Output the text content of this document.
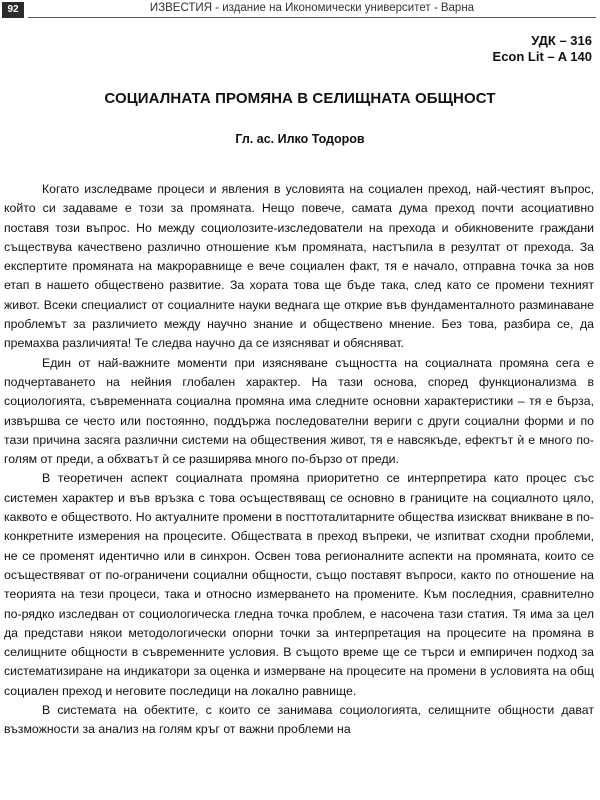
92	ИЗВЕСТИЯ - издание на Икономически университет - Варна
УДК – 316
Econ Lit – A 140
СОЦИАЛНАТА ПРОМЯНА В СЕЛИЩНАТА ОБЩНОСТ
Гл. ас. Илко Тодоров

Когато изследваме процеси и явления в условията на социален преход, най-честият въпрос, който си задаваме е този за промяната. Нещо повече, самата дума преход почти асоциативно поставя този въпрос. Но между социолозите-изследователи на прехода и обикновените граждани съществува качествено различно отношение към промяната, настъпила в резултат от прехода. За експертите промяната на макроравнище е вече социален факт, тя е начало, отправна точка за нов етап в нашето обществено развитие. За хората това ще бъде така, след като се промени техният живот. Всеки специалист от социалните науки веднага ще открие във фундаменталното разминаване проблемът за различието между научно знание и обществено мнение. Без това, разбира се, да премахва различията! Те следва научно да се изясняват и обясняват.

Един от най-важните моменти при изясняване същността на социалната промяна сега е подчертаването на нейния глобален характер. На тази основа, според функционализма в социологията, съвременната социална промяна има следните основни характеристики – тя е бърза, извършва се често или постоянно, поддържа последователни вериги с други социални форми и по тази причина засяга различни системи на обществения живот, тя е навсякъде, ефектът ѝ е много по-голям от преди, а обхватът ѝ се разширява много по-бързо от преди.

В теоретичен аспект социалната промяна приоритетно се интерпретира като процес със системен характер и във връзка с това осъществяващ се основно в границите на социалното цяло, каквото е обществото. Но актуалните промени в посттоталитарните общества изискват вникване в по-конкретните измерения на процесите. Обществата в преход въпреки, че изпитват сходни проблеми, не се променят идентично или в синхрон. Освен това регионалните аспекти на промяната, които се осъществяват от по-ограничени социални общности, също поставят въпроси, както по отношение на теорията на тези процеси, така и относно измерването на промените. Към последния, сравнително по-рядко изследван от социологическа гледна точка проблем, е насочена тази статия. Тя има за цел да представи някои методологически опорни точки за интерпретация на процесите на промяна в селищните общности в съвременните условия. В същото време ще се търси и емпиричен подход за систематизиране на индикатори за оценка и измерване на процесите на промени в условията на общ социален преход и неговите последици на локално равнище.

В системата на обектите, с които се занимава социологията, селищните общности дават възможности за анализ на голям кръг от важни проблеми на
